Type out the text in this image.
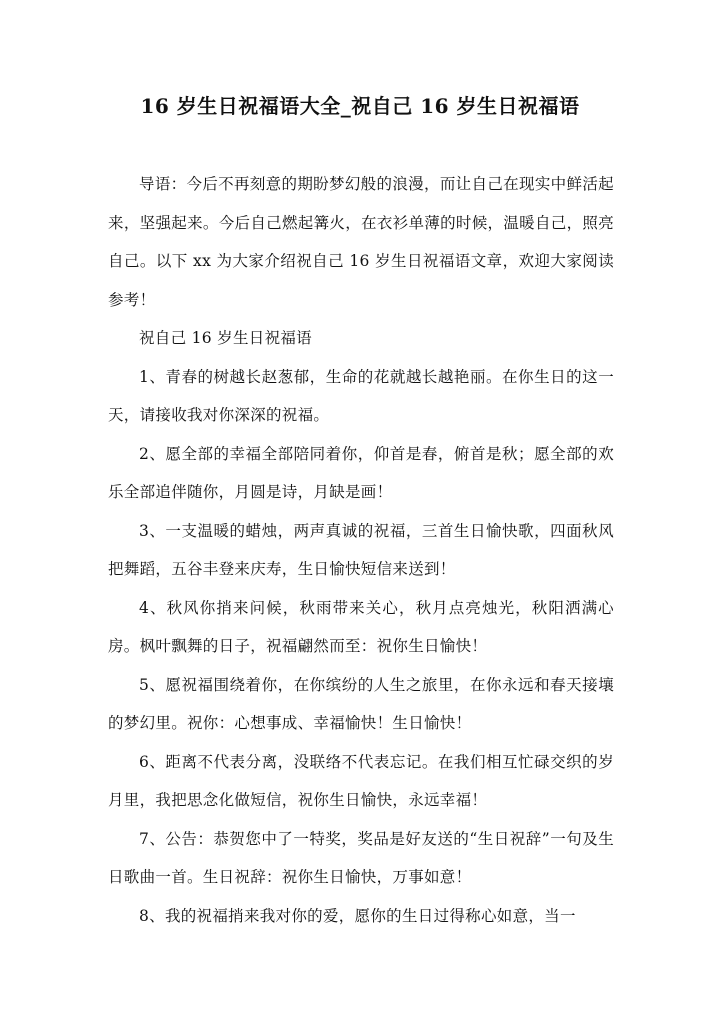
16 岁生日祝福语大全_祝自己 16 岁生日祝福语

导语：今后不再刻意的期盼梦幻般的浪漫，而让自己在现实中鲜活起来，坚强起来。今后自己燃起篝火，在衣衫单薄的时候，温暖自己，照亮自己。以下 xx 为大家介绍祝自己 16 岁生日祝福语文章，欢迎大家阅读参考！

祝自己 16 岁生日祝福语

1、青春的树越长赵葱郁，生命的花就越长越艳丽。在你生日的这一天，请接收我对你深深的祝福。

2、愿全部的幸福全部陪同着你，仰首是春，俯首是秋；愿全部的欢乐全部追伴随你，月圆是诗，月缺是画！

3、一支温暖的蜡烛，两声真诚的祝福，三首生日愉快歌，四面秋风把舞蹈，五谷丰登来庆寿，生日愉快短信来送到！

4、秋风你捎来问候，秋雨带来关心，秋月点亮烛光，秋阳洒满心房。枫叶飘舞的日子，祝福翩然而至：祝你生日愉快！

5、愿祝福围绕着你，在你缤纷的人生之旅里，在你永远和春天接壤的梦幻里。祝你：心想事成、幸福愉快！生日愉快！

6、距离不代表分离，没联络不代表忘记。在我们相互忙碌交织的岁月里，我把思念化做短信，祝你生日愉快，永远幸福！

7、公告：恭贺您中了一特奖，奖品是好友送的“生日祝辞”一句及生日歌曲一首。生日祝辞：祝你生日愉快，万事如意！

8、我的祝福捎来我对你的爱，愿你的生日过得称心如意，当一
